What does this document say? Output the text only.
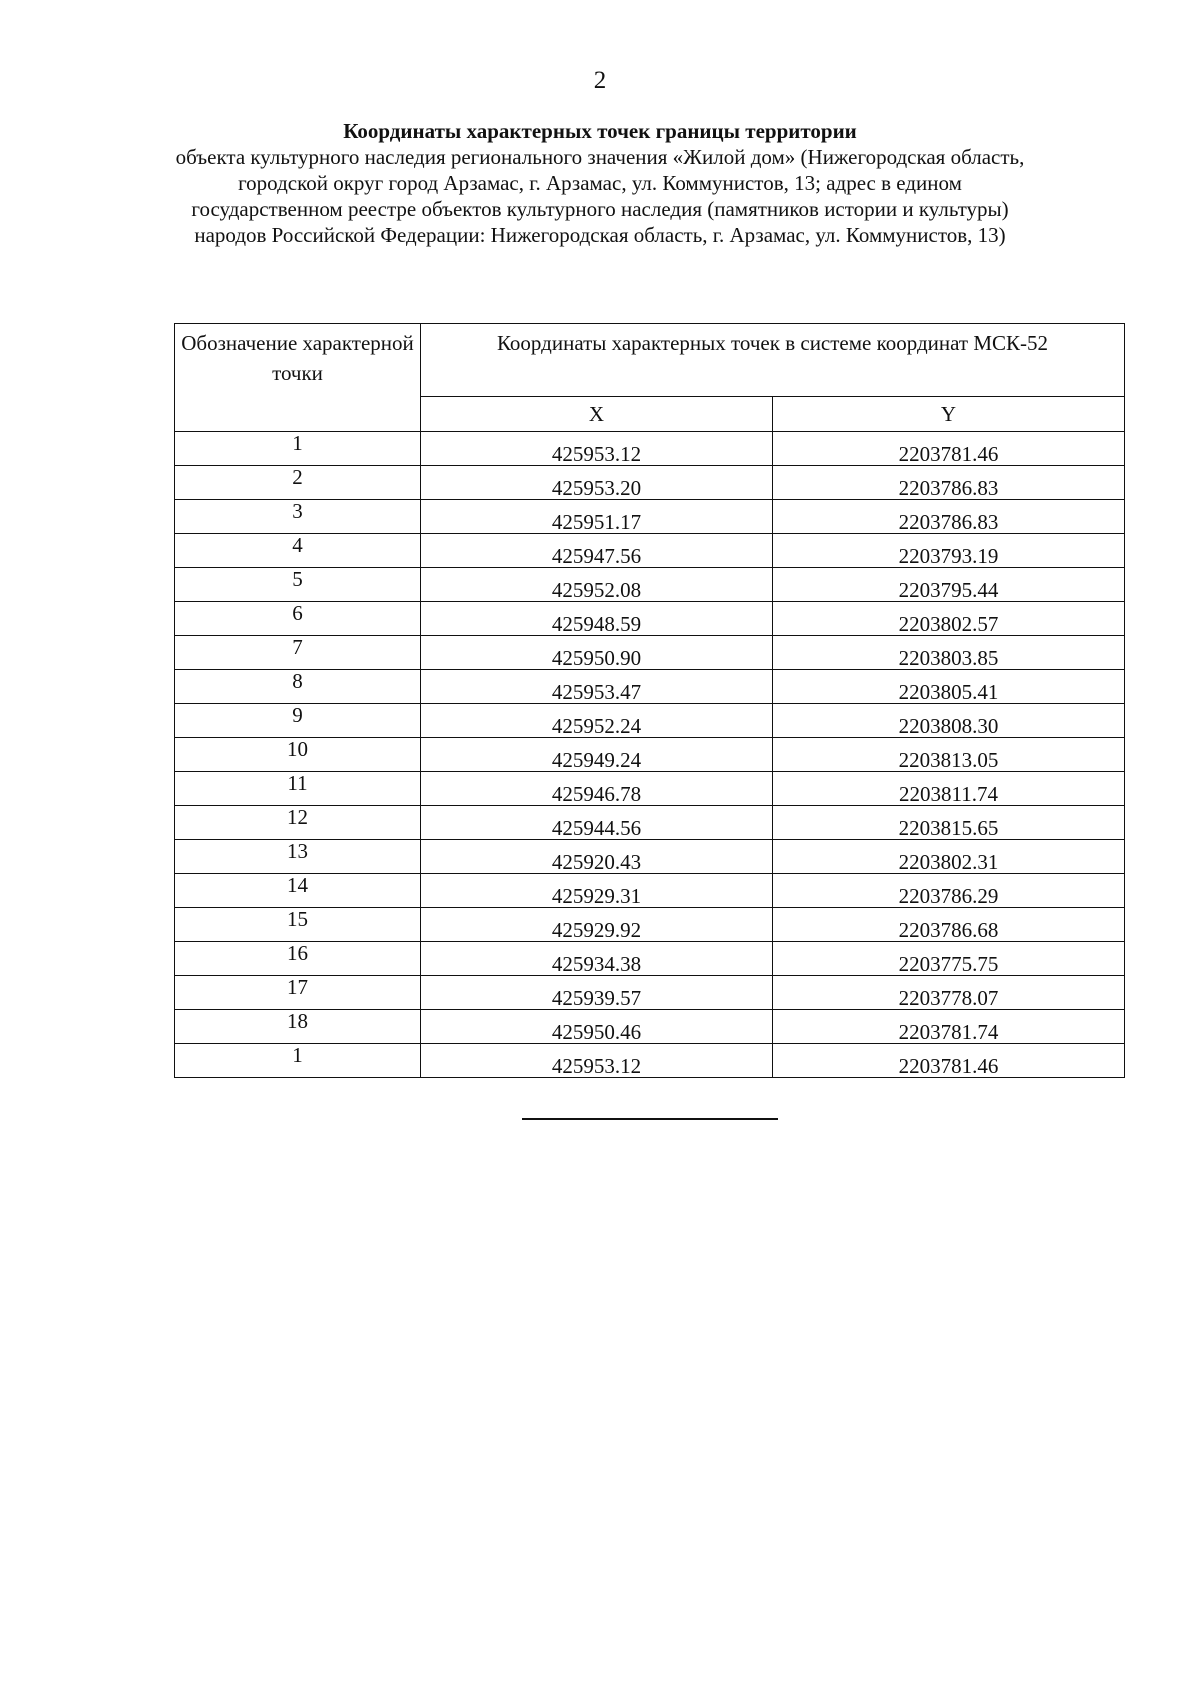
2
Координаты характерных точек границы территории
объекта культурного наследия регионального значения «Жилой дом» (Нижегородская область, городской округ город Арзамас, г. Арзамас, ул. Коммунистов, 13; адрес в едином государственном реестре объектов культурного наследия (памятников истории и культуры) народов Российской Федерации: Нижегородская область, г. Арзамас, ул. Коммунистов, 13)
Обозначение характерной точки	Координаты характерных точек в системе координат МСК-52	
	X	Y
1	425953.12	2203781.46
2	425953.20	2203786.83
3	425951.17	2203786.83
4	425947.56	2203793.19
5	425952.08	2203795.44
6	425948.59	2203802.57
7	425950.90	2203803.85
8	425953.47	2203805.41
9	425952.24	2203808.30
10	425949.24	2203813.05
11	425946.78	2203811.74
12	425944.56	2203815.65
13	425920.43	2203802.31
14	425929.31	2203786.29
15	425929.92	2203786.68
16	425934.38	2203775.75
17	425939.57	2203778.07
18	425950.46	2203781.74
1	425953.12	2203781.46
